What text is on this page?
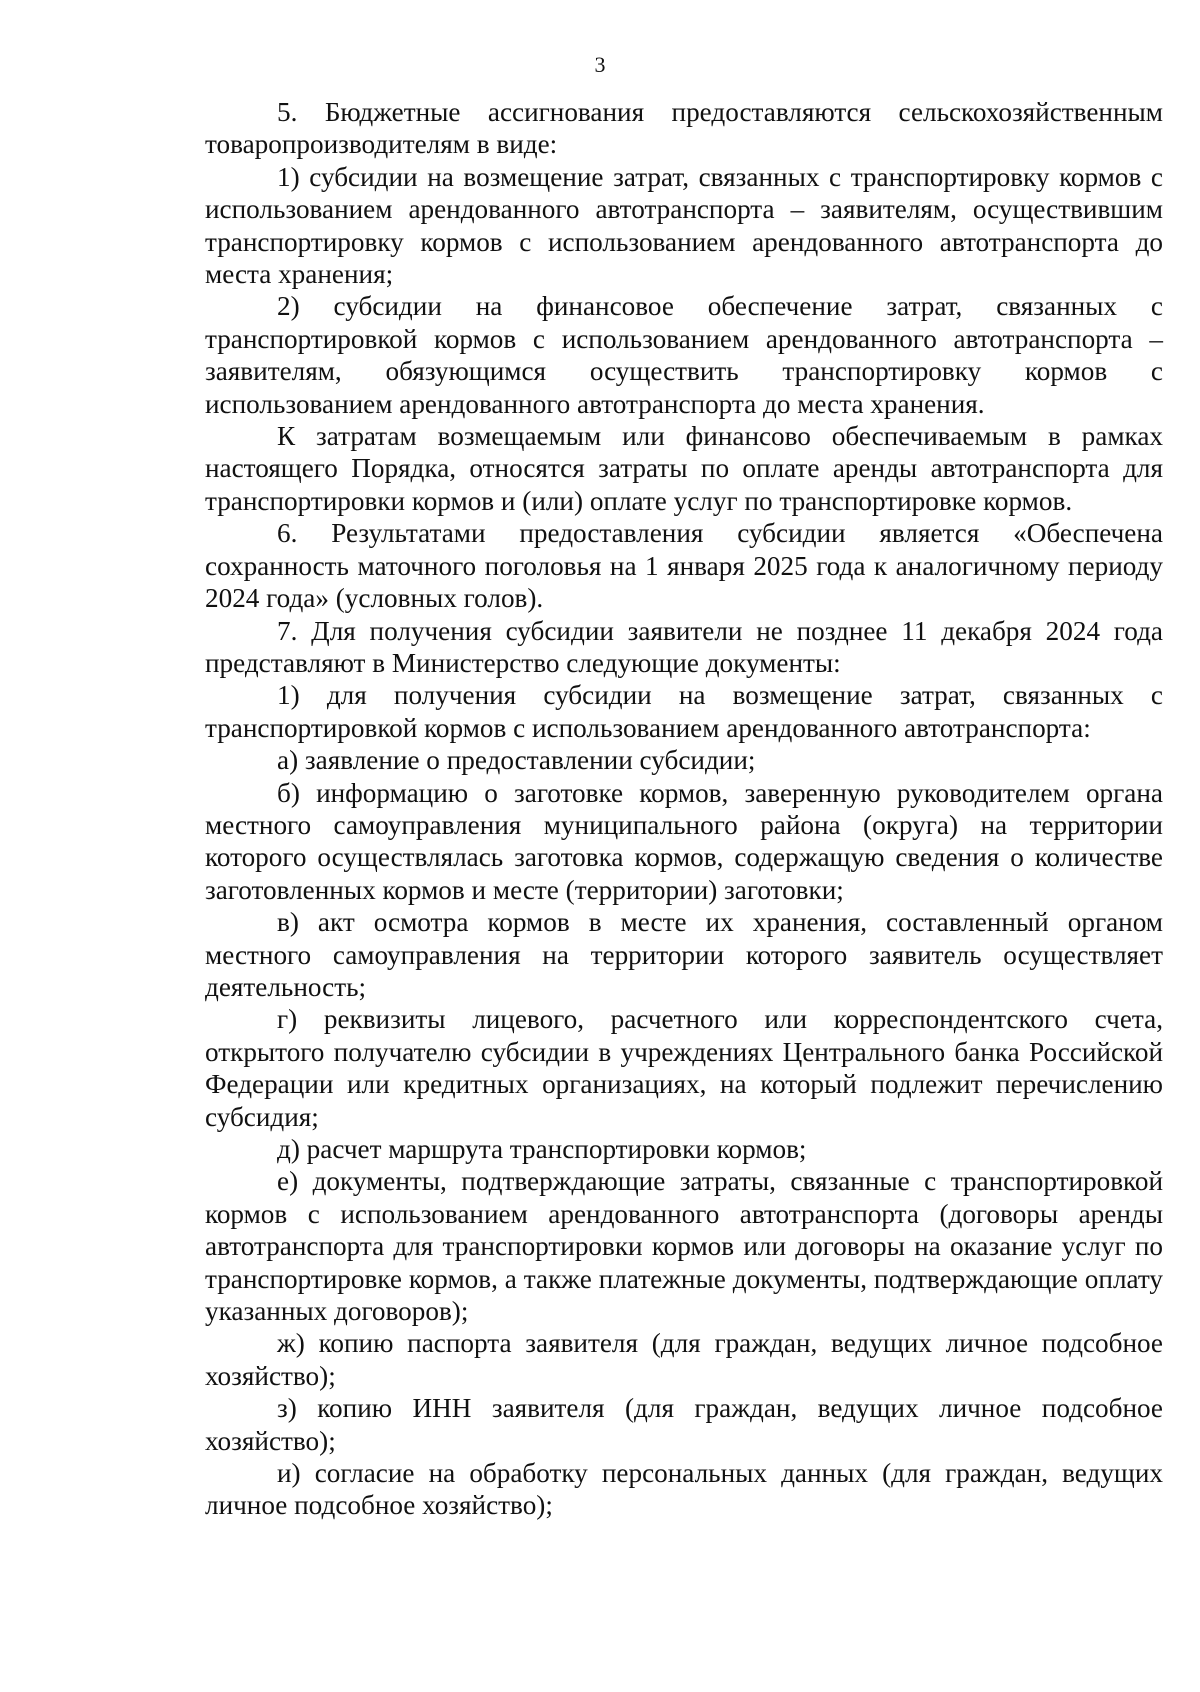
3

5. Бюджетные ассигнования предоставляются сельскохозяйственным товаропроизводителям в виде:

1) субсидии на возмещение затрат, связанных с транспортировку кормов с использованием арендованного автотранспорта – заявителям, осуществившим транспортировку кормов с использованием арендованного автотранспорта до места хранения;

2) субсидии на финансовое обеспечение затрат, связанных с транспортировкой кормов с использованием арендованного автотранспорта – заявителям, обязующимся осуществить транспортировку кормов с использованием арендованного автотранспорта до места хранения.

К затратам возмещаемым или финансово обеспечиваемым в рамках настоящего Порядка, относятся затраты по оплате аренды автотранспорта для транспортировки кормов и (или) оплате услуг по транспортировке кормов.

6. Результатами предоставления субсидии является «Обеспечена сохранность маточного поголовья на 1 января 2025 года к аналогичному периоду 2024 года» (условных голов).

7. Для получения субсидии заявители не позднее 11 декабря 2024 года представляют в Министерство следующие документы:

1) для получения субсидии на возмещение затрат, связанных с транспортировкой кормов с использованием арендованного автотранспорта:

а) заявление о предоставлении субсидии;

б) информацию о заготовке кормов, заверенную руководителем органа местного самоуправления муниципального района (округа) на территории которого осуществлялась заготовка кормов, содержащую сведения о количестве заготовленных кормов и месте (территории) заготовки;

в) акт осмотра кормов в месте их хранения, составленный органом местного самоуправления на территории которого заявитель осуществляет деятельность;

г) реквизиты лицевого, расчетного или корреспондентского счета, открытого получателю субсидии в учреждениях Центрального банка Российской Федерации или кредитных организациях, на который подлежит перечислению субсидия;

д) расчет маршрута транспортировки кормов;

е) документы, подтверждающие затраты, связанные с транспортировкой кормов с использованием арендованного автотранспорта (договоры аренды автотранспорта для транспортировки кормов или договоры на оказание услуг по транспортировке кормов, а также платежные документы, подтверждающие оплату указанных договоров);

ж) копию паспорта заявителя (для граждан, ведущих личное подсобное хозяйство);

з) копию ИНН заявителя (для граждан, ведущих личное подсобное хозяйство);

и) согласие на обработку персональных данных (для граждан, ведущих личное подсобное хозяйство);
